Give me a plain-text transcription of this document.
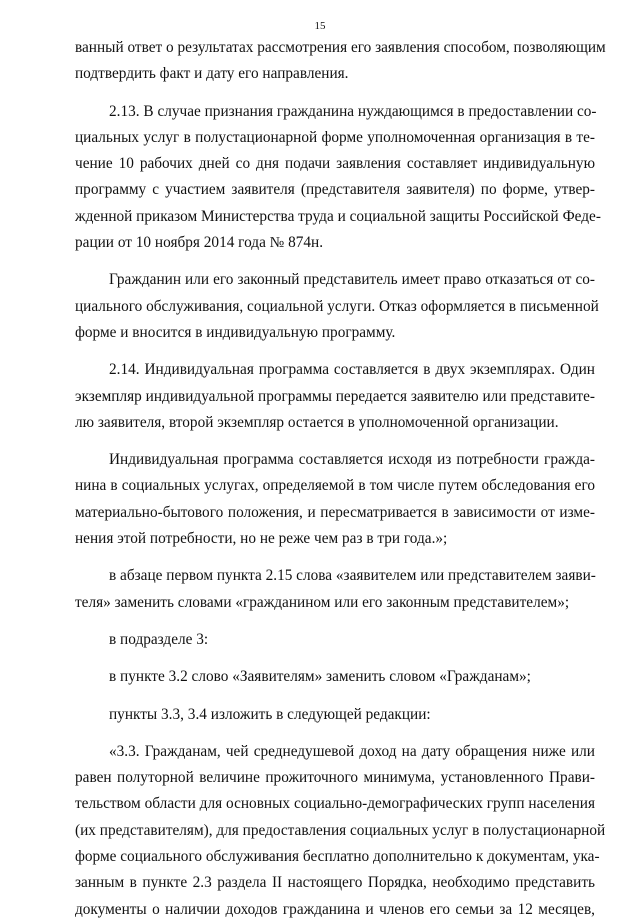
15
ванный ответ о результатах рассмотрения его заявления способом, позволяющим
подтвердить факт и дату его направления.
2.13. В случае признания гражданина нуждающимся в предоставлении со-
циальных услуг в полустационарной форме уполномоченная организация в те-
чение 10 рабочих дней со дня подачи заявления составляет индивидуальную
программу с участием заявителя (представителя заявителя) по форме, утвер-
жденной приказом Министерства труда и социальной защиты Российской Феде-
рации от 10 ноября 2014 года № 874н.
Гражданин или его законный представитель имеет право отказаться от со-
циального обслуживания, социальной услуги. Отказ оформляется в письменной
форме и вносится в индивидуальную программу.
2.14. Индивидуальная программа составляется в двух экземплярах. Один
экземпляр индивидуальной программы передается заявителю или представите-
лю заявителя, второй экземпляр остается в уполномоченной организации.
Индивидуальная программа составляется исходя из потребности гражда-
нина в социальных услугах, определяемой в том числе путем обследования его
материально-бытового положения, и пересматривается в зависимости от изме-
нения этой потребности, но не реже чем раз в три года.»;
в абзаце первом пункта 2.15 слова «заявителем или представителем заяви-
теля» заменить словами «гражданином или его законным представителем»;
в подразделе 3:
в пункте 3.2 слово «Заявителям» заменить словом «Гражданам»;
пункты 3.3, 3.4 изложить в следующей редакции:
«3.3. Гражданам, чей среднедушевой доход на дату обращения ниже или
равен полуторной величине прожиточного минимума, установленного Прави-
тельством области для основных социально-демографических групп населения
(их представителям), для предоставления социальных услуг в полустационарной
форме социального обслуживания бесплатно дополнительно к документам, ука-
занным в пункте 2.3 раздела II настоящего Порядка, необходимо представить
документы о наличии доходов гражданина и членов его семьи за 12 месяцев,
